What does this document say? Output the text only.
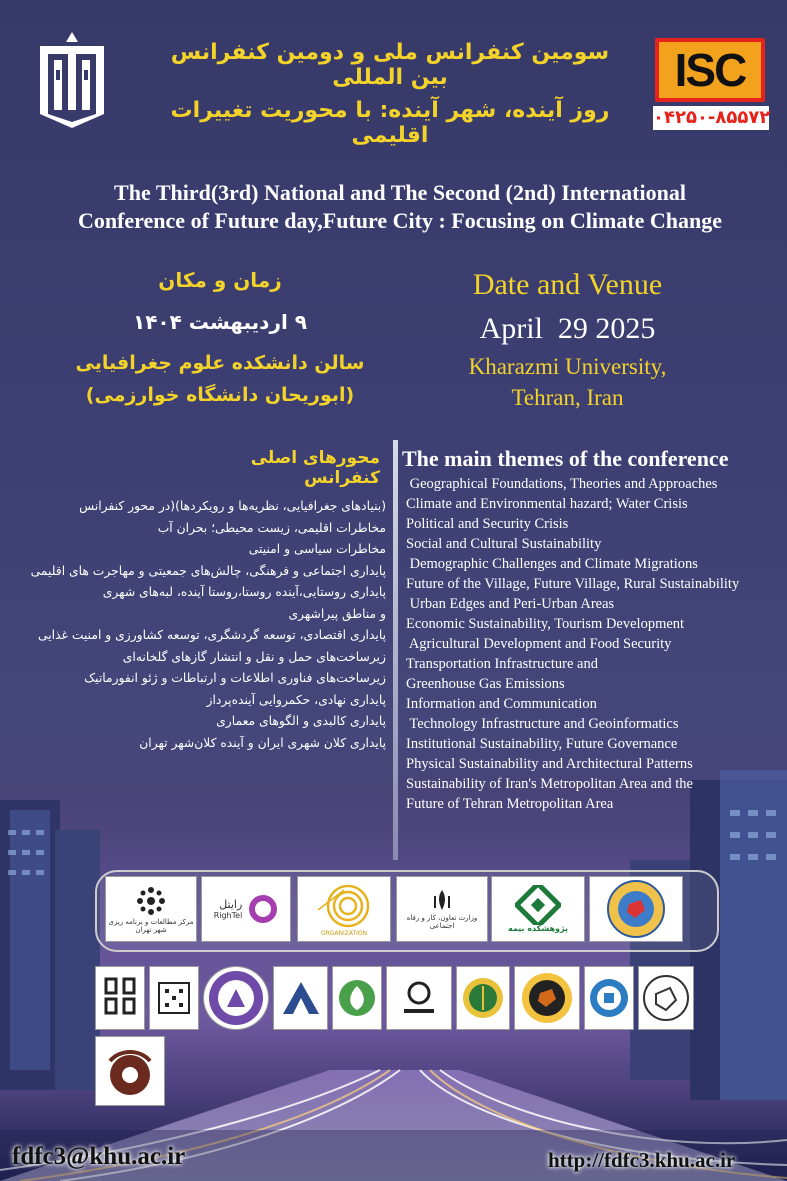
سومین کنفرانس ملی و دومین کنفرانس بین المللی
روز آینده، شهر آینده: با محوریت تغییرات اقلیمی
ISC
۰۴۲۵۰-۸۵۵۷۲
The Third(3rd) National and The Second (2nd) International
Conference of Future day,Future City : Focusing on Climate Change
زمان و مکان
۹ اردیبهشت ۱۴۰۴
سالن دانشکده علوم جغرافیایی
(ابوریحان دانشگاه خوارزمی)
Date and Venue
April  29 2025
Kharazmi University,
Tehran, Iran
محورهای اصلی کنفرانس
(بنیادهای جغرافیایی، نظریه‌ها و رویکردها)(در محور کنفرانس
مخاطرات اقلیمی، زیست محیطی؛ بحران آب
مخاطرات سیاسی و امنیتی
پایداری اجتماعی و فرهنگی، چالش‌های جمعیتی و مهاجرت های اقلیمی
پایداری روستایی،آینده روستا،روستا آینده، لبه‌های شهری
و مناطق پیراشهری
پایداری اقتصادی، توسعه گردشگری، توسعه کشاورزی و امنیت غذایی
زیرساخت‌های حمل و نقل و انتشار گازهای گلخانه‌ای
زیرساخت‌های فناوری اطلاعات و ارتباطات و ژئو انفورماتیک
پایداری نهادی، حکمروایی آینده‌پرداز
پایداری کالبدی و الگوهای معماری
پایداری کلان شهری ایران و آینده کلان‌شهر تهران
The main themes of the conference
Geographical Foundations, Theories and Approaches
Climate and Environmental hazard; Water Crisis
Political and Security Crisis
Social and Cultural Sustainability
Demographic Challenges and Climate Migrations
Future of the Village, Future Village, Rural Sustainability
Urban Edges and Peri-Urban Areas
Economic Sustainability, Tourism Development
Agricultural Development and Food Security
Transportation Infrastructure and
Greenhouse Gas Emissions
Information and Communication
Technology Infrastructure and Geoinformatics
Institutional Sustainability, Future Governance
Physical Sustainability and Architectural Patterns
Sustainability of Iran's Metropolitan Area and the
Future of Tehran Metropolitan Area
مرکز مطالعات و برنامه ریزی شهر تهران
رایتل
RighTel
ORGANIZATION
وزارت تعاون، کار و رفاه اجتماعی	پژوهشکده بیمه
fdfc3@khu.ac.ir	http://fdfc3.khu.ac.ir
